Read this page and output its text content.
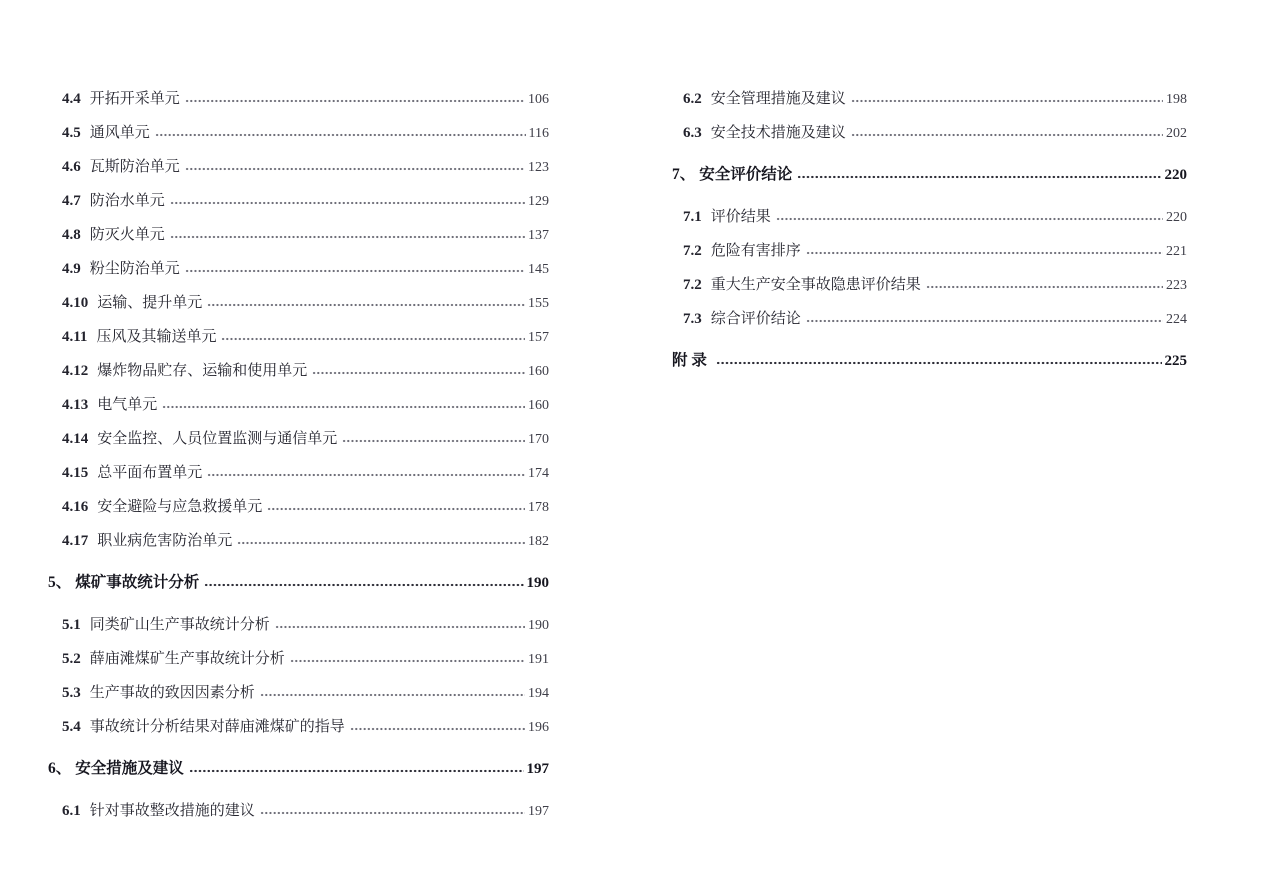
4.4 开拓开采单元	106
4.5 通风单元	116
4.6 瓦斯防治单元	123
4.7 防治水单元	129
4.8 防灭火单元	137
4.9 粉尘防治单元	145
4.10 运输、提升单元	155
4.11 压风及其输送单元	157
4.12 爆炸物品贮存、运输和使用单元	160
4.13 电气单元	160
4.14 安全监控、人员位置监测与通信单元	170
4.15 总平面布置单元	174
4.16 安全避险与应急救援单元	178
4.17 职业病危害防治单元	182
5、 煤矿事故统计分析	190
5.1 同类矿山生产事故统计分析	190
5.2 薛庙滩煤矿生产事故统计分析	191
5.3 生产事故的致因因素分析	194
5.4 事故统计分析结果对薛庙滩煤矿的指导	196
6、 安全措施及建议	197
6.1 针对事故整改措施的建议	197
6.2 安全管理措施及建议	198
6.3 安全技术措施及建议	202
7、 安全评价结论	220
7.1 评价结果	220
7.2 危险有害排序	221
7.2 重大生产安全事故隐患评价结果	223
7.3 综合评价结论	224
附 录	225
